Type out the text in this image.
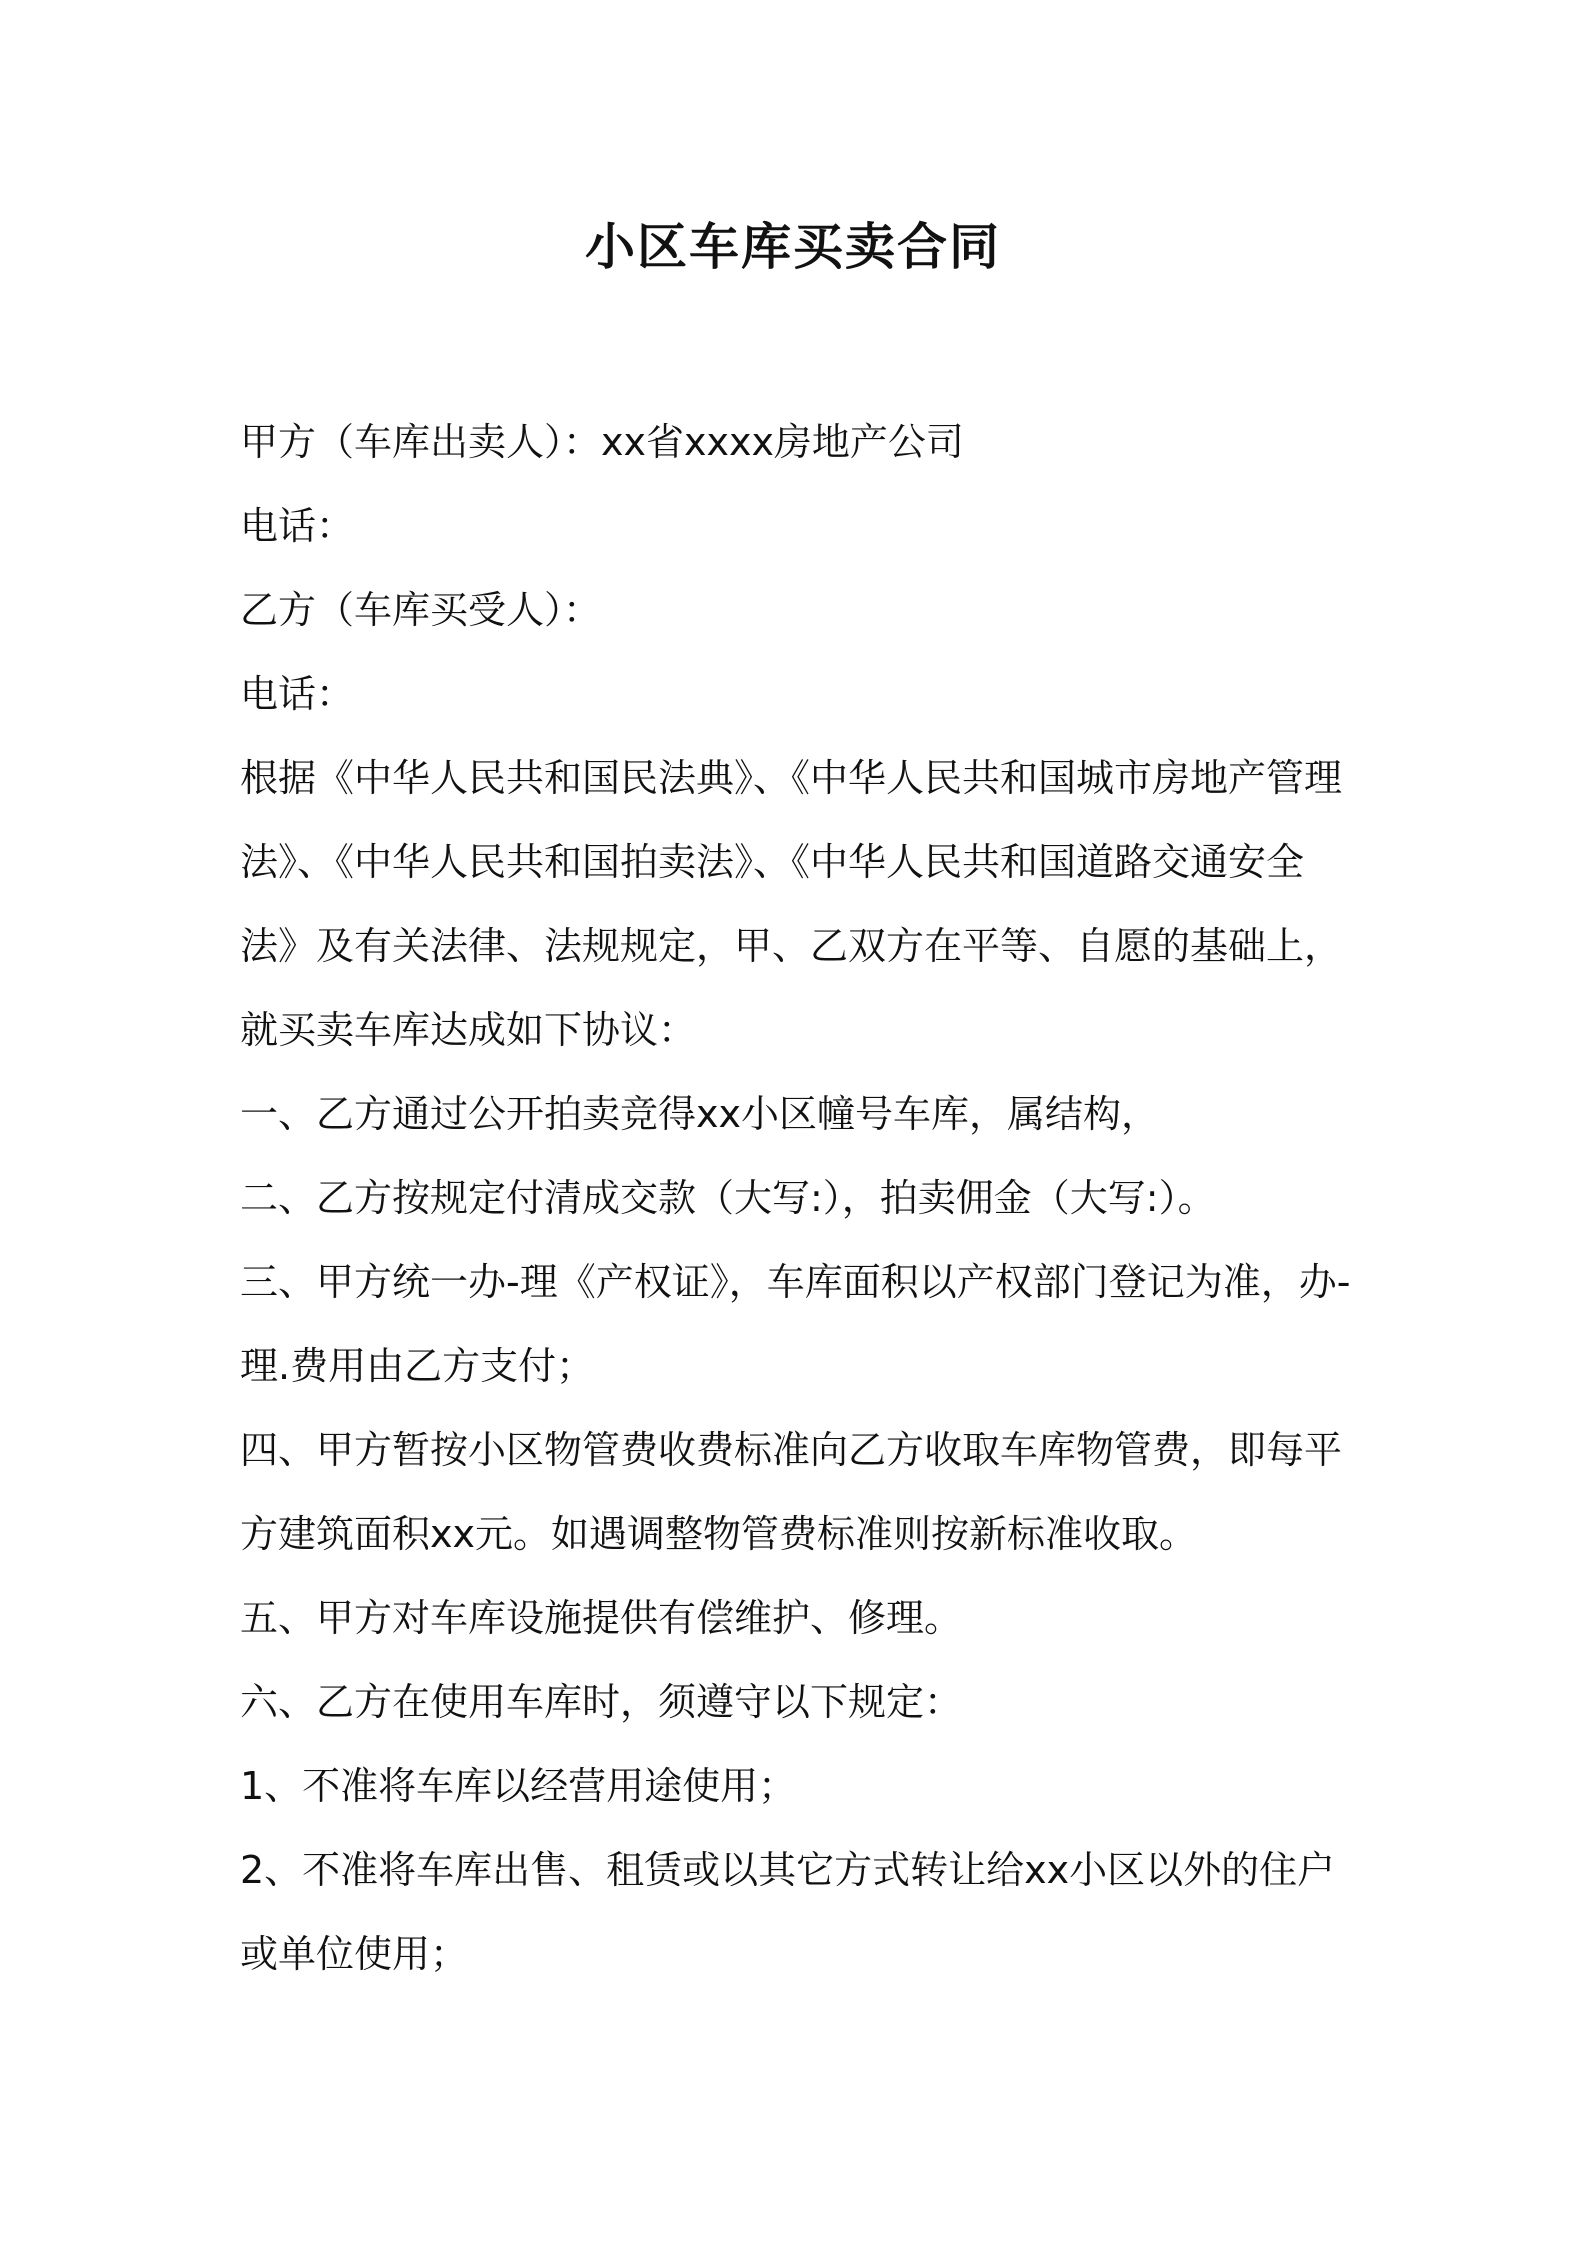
小区车库买卖合同

甲方（车库出卖人）：xx省xxxx房地产公司

电话：

乙方（车库买受人）：

电话：

根据《中华人民共和国民法典》、《中华人民共和国城市房地产管理法》、《中华人民共和国拍卖法》、《中华人民共和国道路交通安全法》及有关法律、法规规定，甲、乙双方在平等、自愿的基础上，就买卖车库达成如下协议：

一、乙方通过公开拍卖竞得xx小区幢号车库，属结构，

二、乙方按规定付清成交款（大写:），拍卖佣金（大写:）。

三、甲方统一办-理《产权证》，车库面积以产权部门登记为准，办-理.费用由乙方支付；

四、甲方暂按小区物管费收费标准向乙方收取车库物管费，即每平方建筑面积xx元。如遇调整物管费标准则按新标准收取。

五、甲方对车库设施提供有偿维护、修理。

六、乙方在使用车库时，须遵守以下规定：

1、不准将车库以经营用途使用；

2、不准将车库出售、租赁或以其它方式转让给xx小区以外的住户或单位使用；
